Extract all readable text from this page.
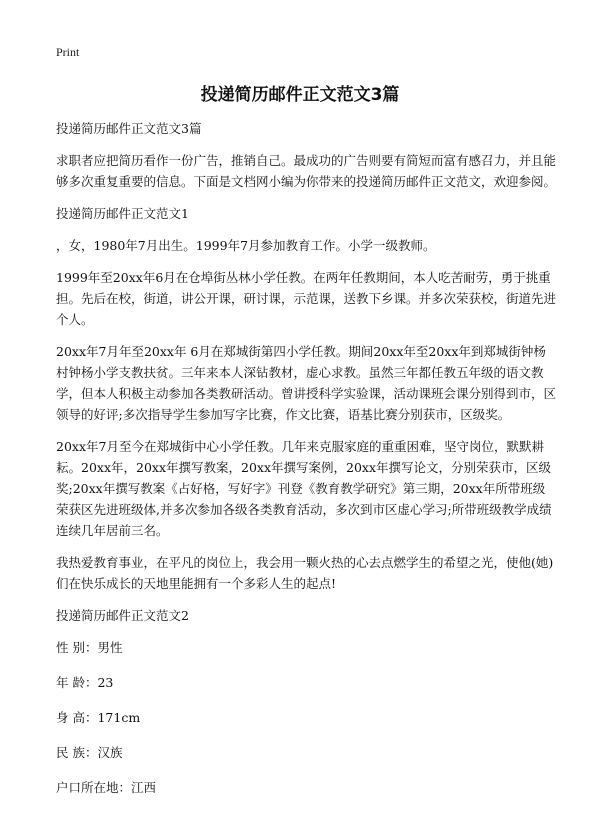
Print
投递简历邮件正文范文3篇

投递简历邮件正文范文3篇

求职者应把简历看作一份广告，推销自己。最成功的广告则要有简短而富有感召力，并且能够多次重复重要的信息。下面是文档网小编为你带来的投递简历邮件正文范文，欢迎参阅。

投递简历邮件正文范文1

，女，1980年7月出生。1999年7月参加教育工作。小学一级教师。

1999年至20xx年6月在仓埠街丛林小学任教。在两年任教期间，本人吃苦耐劳，勇于挑重担。先后在校，街道，讲公开课，研讨课，示范课，送教下乡课。并多次荣获校，街道先进个人。

20xx年7月年至20xx年 6月在郑城街第四小学任教。期间20xx年至20xx年到郑城街钟杨村钟杨小学支教扶贫。三年来本人深钻教材，虚心求教。虽然三年都任教五年级的语文教学，但本人积极主动参加各类教研活动。曾讲授科学实验课，活动课班会课分别得到市，区领导的好评;多次指导学生参加写字比赛，作文比赛，语基比赛分别获市，区级奖。

20xx年7月至今在郑城街中心小学任教。几年来克服家庭的重重困难，坚守岗位，默默耕耘。20xx年，20xx年撰写教案，20xx年撰写案例，20xx年撰写论文，分别荣获市，区级奖;20xx年撰写教案《占好格，写好字》刊登《教育教学研究》第三期，20xx年所带班级荣获区先进班级体,并多次参加各级各类教育活动，多次到市区虚心学习;所带班级教学成绩连续几年居前三名。

我热爱教育事业，在平凡的岗位上，我会用一颗火热的心去点燃学生的希望之光，使他(她)们在快乐成长的天地里能拥有一个多彩人生的起点!

投递简历邮件正文范文2

性 别：男性

年 龄：23

身 高：171cm

民 族：汉族

户口所在地：江西
